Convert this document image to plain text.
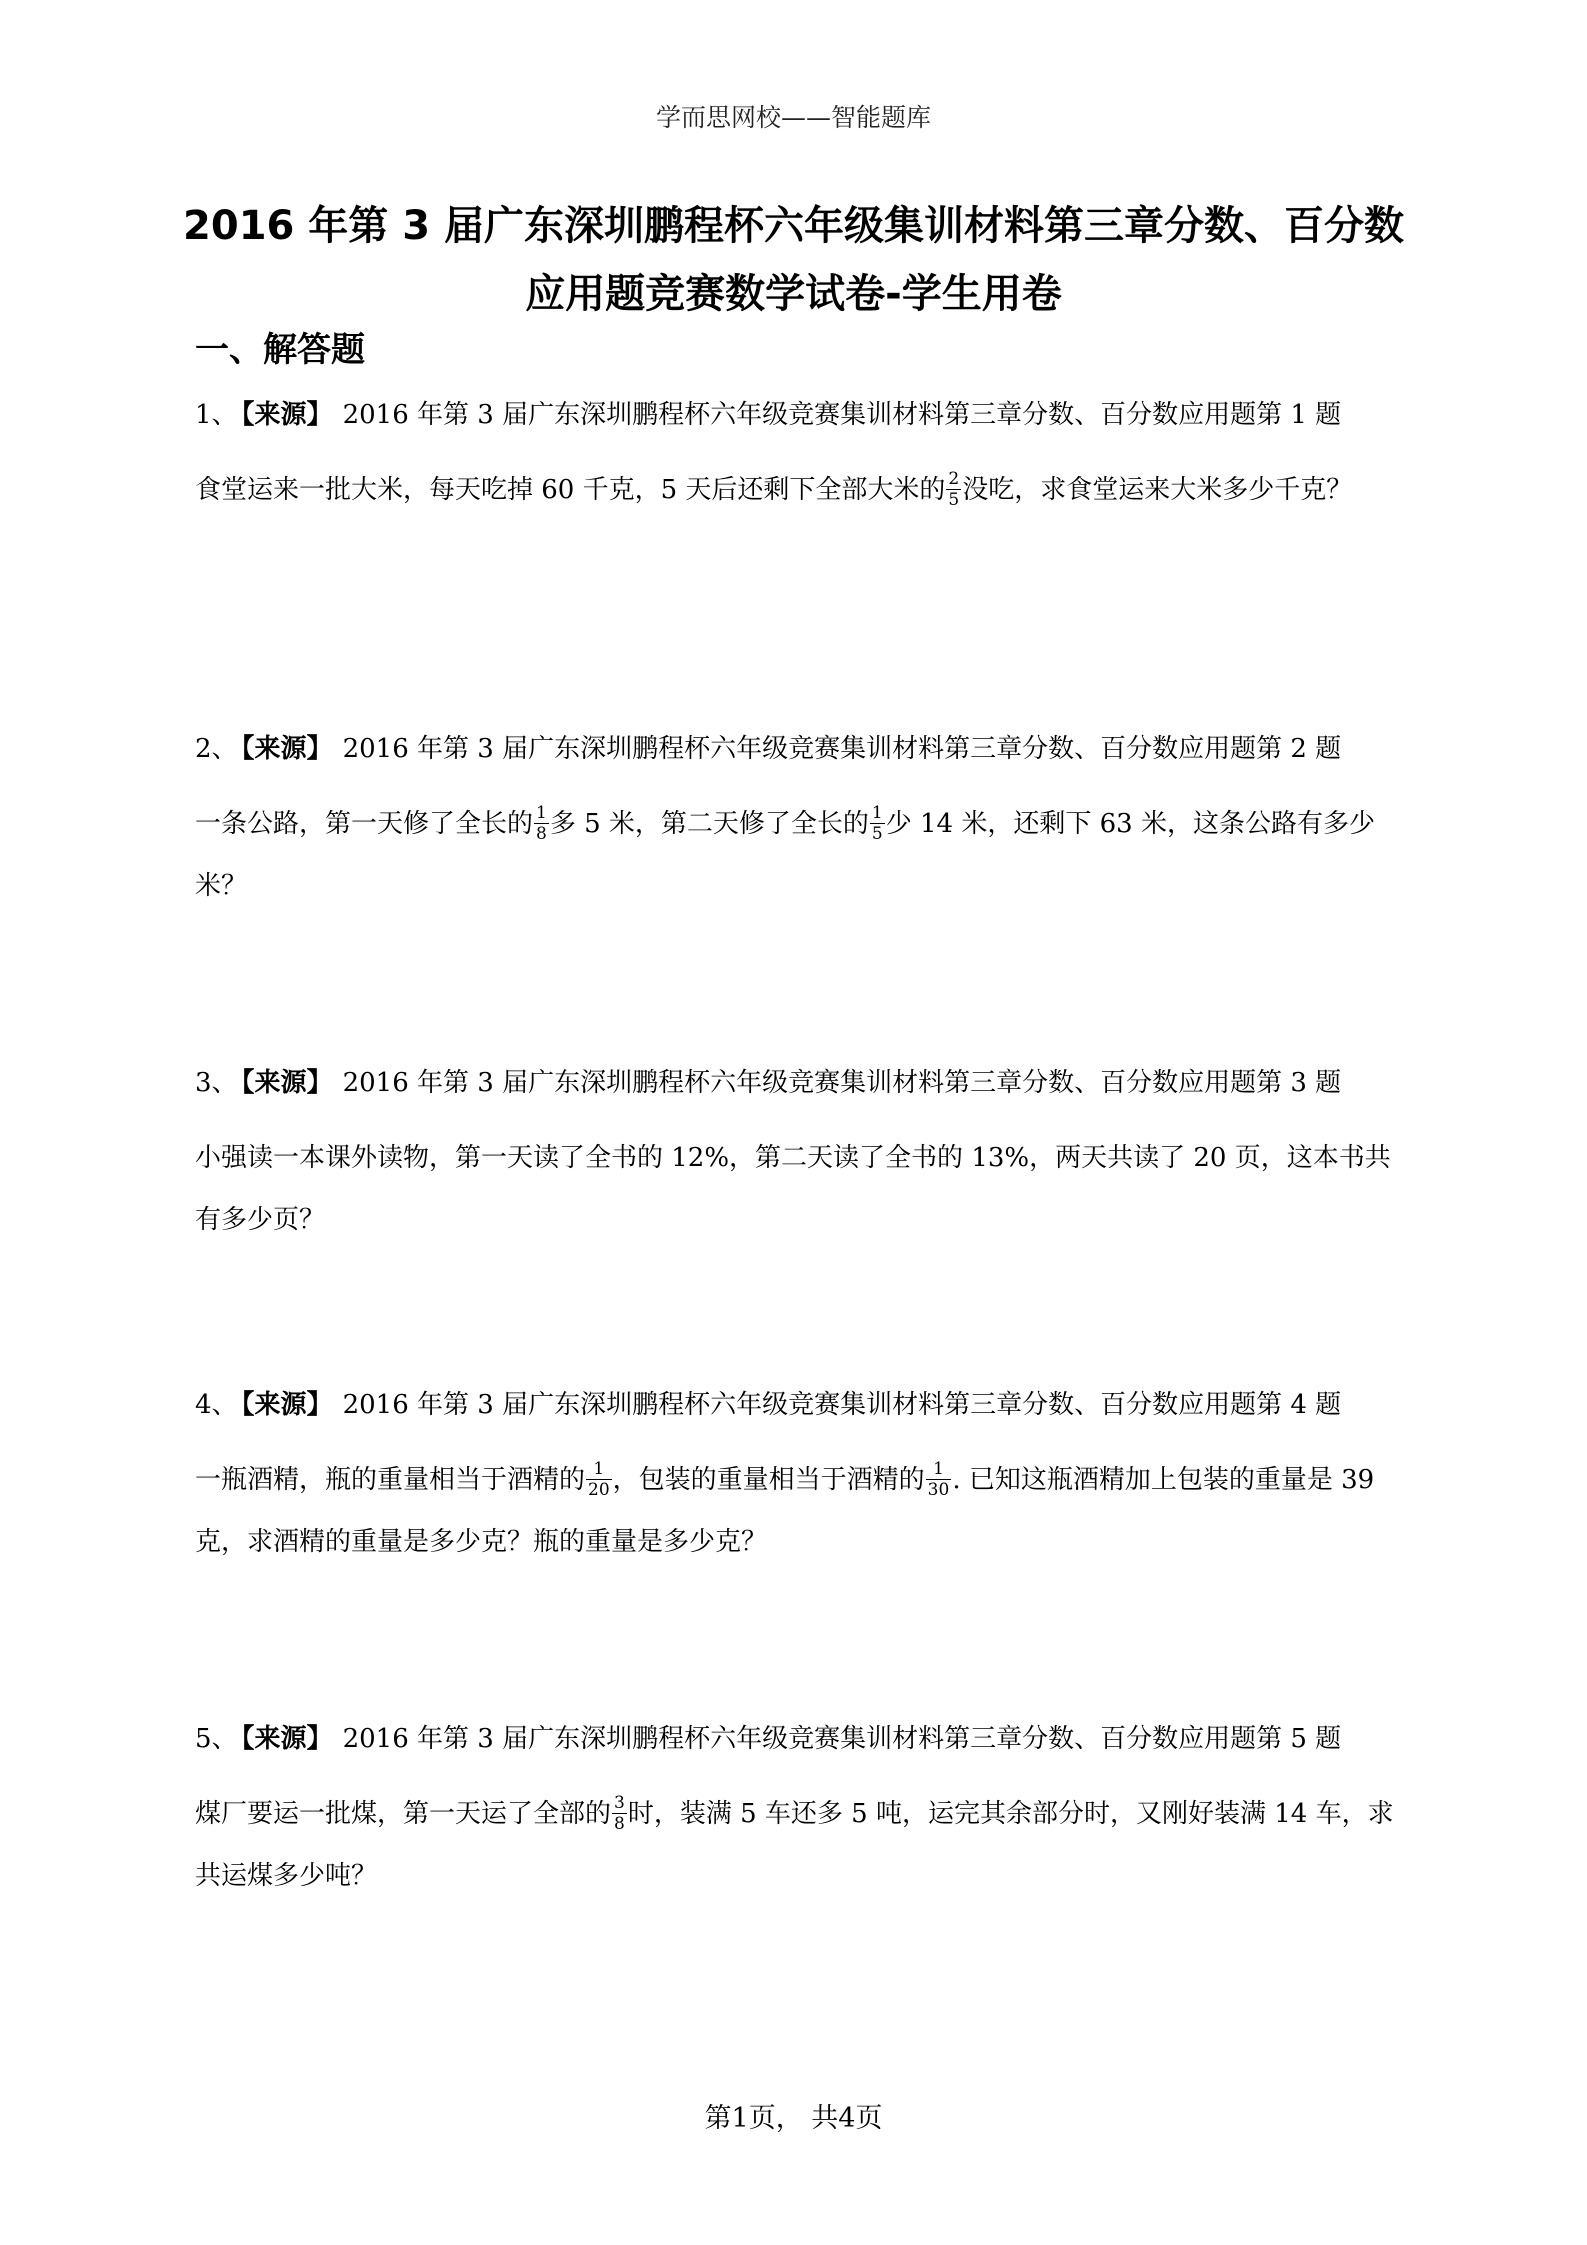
学而思网校——智能题库
2016 年第 3 届广东深圳鹏程杯六年级集训材料第三章分数、百分数
应用题竞赛数学试卷-学生用卷
一、解答题
1、 【来源】 2016 年第 3 届广东深圳鹏程杯六年级竞赛集训材料第三章分数、百分数应用题第 1 题
食堂运来一批大米，每天吃掉 60 千克，5 天后还剩下全部大米的 $\frac{2}{5}$ 没吃，求食堂运来大米多少千克？
2、 【来源】 2016 年第 3 届广东深圳鹏程杯六年级竞赛集训材料第三章分数、百分数应用题第 2 题
一条公路，第一天修了全长的 $\frac{1}{8}$ 多 5 米，第二天修了全长的 $\frac{1}{5}$ 少 14 米，还剩下 63 米，这条公路有多少米？
3、 【来源】 2016 年第 3 届广东深圳鹏程杯六年级竞赛集训材料第三章分数、百分数应用题第 3 题
小强读一本课外读物，第一天读了全书的 12%，第二天读了全书的 13%，两天共读了 20 页，这本书共有多少页？
4、 【来源】 2016 年第 3 届广东深圳鹏程杯六年级竞赛集训材料第三章分数、百分数应用题第 4 题
一瓶酒精，瓶的重量相当于酒精的 $\frac{1}{20}$ ，包装的重量相当于酒精的 $\frac{1}{30}$ . 已知这瓶酒精加上包装的重量是 39 克，求酒精的重量是多少克？瓶的重量是多少克？
5、 【来源】 2016 年第 3 届广东深圳鹏程杯六年级竞赛集训材料第三章分数、百分数应用题第 5 题
煤厂要运一批煤，第一天运了全部的 $\frac{3}{8}$ 时，装满 5 车还多 5 吨，运完其余部分时，又刚好装满 14 车，求共运煤多少吨？
第1页， 共4页
